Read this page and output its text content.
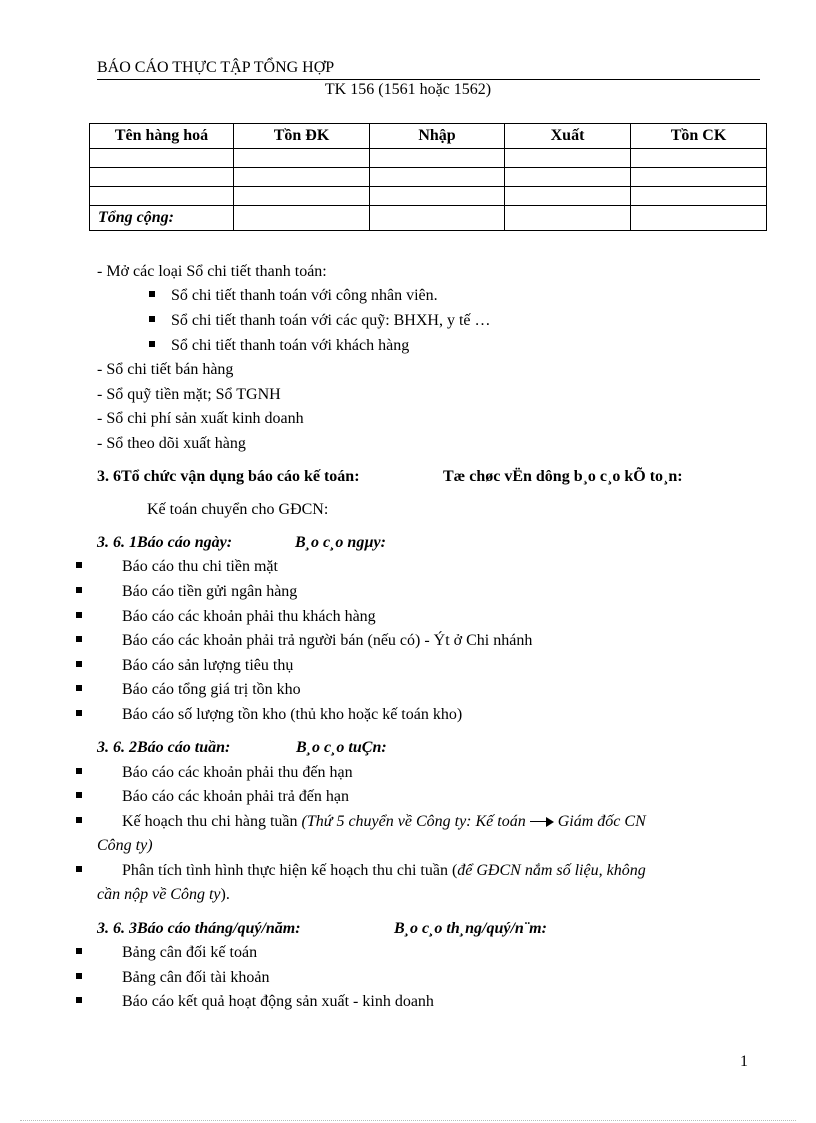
BÁO CÁO THỰC TẬP TỔNG HỢP
TK 156 (1561 hoặc 1562)
Tên hàng hoá	Tồn ĐK	Nhập	Xuất	Tồn CK

Tổng cộng:				
- Mở các loại Sổ chi tiết thanh toán:
Sổ chi tiết thanh toán với công nhân viên.
Sổ chi tiết thanh toán với các quỹ: BHXH, y tế …
Sổ chi tiết thanh toán với khách hàng
- Sổ chi tiết bán hàng
- Sổ quỹ tiền mặt; Sổ TGNH
- Sổ chi phí sản xuất kinh doanh
- Sổ theo dõi xuất hàng
3. 6Tổ chức vận dụng báo cáo kế toán:	Tæ chøc vËn dông b¸o c¸o kÕ to¸n:
Kế toán chuyển cho GĐCN:
3. 6. 1Báo cáo ngày:	B¸o c¸o ngµy:
Báo cáo thu chi tiền mặt
Báo cáo tiền gửi ngân hàng
Báo cáo các khoản phải thu khách hàng
Báo cáo các khoản phải trả người bán (nếu có) - Ýt ở Chi nhánh
Báo cáo sản lượng tiêu thụ
Báo cáo tổng giá trị tồn kho
Báo cáo số lượng tồn kho (thủ kho hoặc kế toán kho)
3. 6. 2Báo cáo tuần:	B¸o c¸o tuÇn:
Báo cáo các khoản phải thu đến hạn
Báo cáo các khoản phải trả đến hạn
Kế hoạch thu chi hàng tuần (Thứ 5 chuyển về Công ty: Kế toán Giám đốc CN
Công ty)
Phân tích tình hình thực hiện kế hoạch thu chi tuần (để GĐCN nắm số liệu, không
cần nộp về Công ty).
3. 6. 3Báo cáo tháng/quý/năm:	B¸o c¸o th¸ng/quý/n¨m:
Bảng cân đối kế toán
Bảng cân đối tài khoản
Báo cáo kết quả hoạt động sản xuất - kinh doanh
1
